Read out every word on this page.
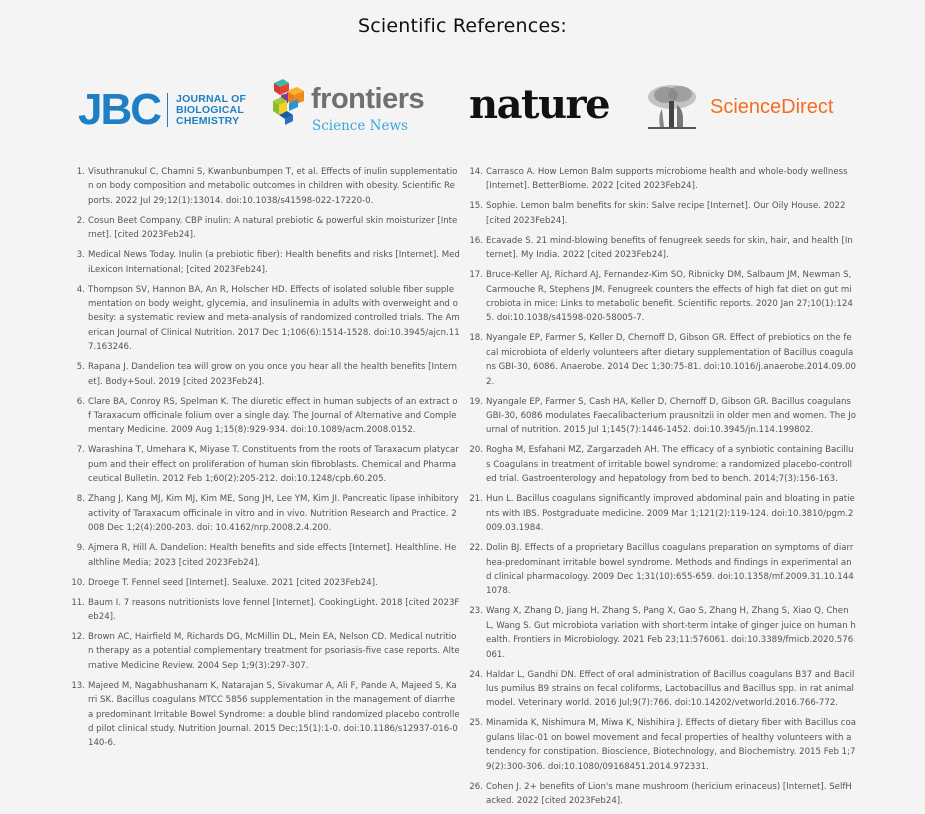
Scientific References:
JBC JOURNAL OF
BIOLOGICAL
CHEMISTRY
frontiers
Science News nature	ScienceDirect
1. Visuthranukul C, Chamni S, Kwanbunbumpen T, et al. Effects of inulin supplementation on body composition and metabolic outcomes in children with obesity. Scientific Reports. 2022 Jul 29;12(1):13014. doi:10.1038/s41598-022-17220-0.
2. Cosun Beet Company. CBP inulin: A natural prebiotic & powerful skin moisturizer [Internet]. [cited 2023Feb24].
3. Medical News Today. Inulin (a prebiotic fiber): Health benefits and risks [Internet]. MediLexicon International; [cited 2023Feb24].
4. Thompson SV, Hannon BA, An R, Holscher HD. Effects of isolated soluble fiber supplementation on body weight, glycemia, and insulinemia in adults with overweight and obesity: a systematic review and meta-analysis of randomized controlled trials. The American Journal of Clinical Nutrition. 2017 Dec 1;106(6):1514-1528. doi:10.3945/ajcn.117.163246.
5. Rapana J. Dandelion tea will grow on you once you hear all the health benefits [Internet]. Body+Soul. 2019 [cited 2023Feb24].
6. Clare BA, Conroy RS, Spelman K. The diuretic effect in human subjects of an extract of Taraxacum officinale folium over a single day. The Journal of Alternative and Complementary Medicine. 2009 Aug 1;15(8):929-934. doi:10.1089/acm.2008.0152.
7. Warashina T, Umehara K, Miyase T. Constituents from the roots of Taraxacum platycarpum and their effect on proliferation of human skin fibroblasts. Chemical and Pharmaceutical Bulletin. 2012 Feb 1;60(2):205-212. doi:10.1248/cpb.60.205.
8. Zhang J, Kang MJ, Kim MJ, Kim ME, Song JH, Lee YM, Kim JI. Pancreatic lipase inhibitory activity of Taraxacum officinale in vitro and in vivo. Nutrition Research and Practice. 2008 Dec 1;2(4):200-203. doi: 10.4162/nrp.2008.2.4.200.
9. Ajmera R, Hill A. Dandelion: Health benefits and side effects [Internet]. Healthline. Healthline Media; 2023 [cited 2023Feb24].
10. Droege T. Fennel seed [Internet]. Sealuxe. 2021 [cited 2023Feb24].
11. Baum I. 7 reasons nutritionists love fennel [Internet]. CookingLight. 2018 [cited 2023Feb24].
12. Brown AC, Hairfield M, Richards DG, McMillin DL, Mein EA, Nelson CD. Medical nutrition therapy as a potential complementary treatment for psoriasis-five case reports. Alternative Medicine Review. 2004 Sep 1;9(3):297-307.
13. Majeed M, Nagabhushanam K, Natarajan S, Sivakumar A, Ali F, Pande A, Majeed S, Karri SK. Bacillus coagulans MTCC 5856 supplementation in the management of diarrhea predominant Irritable Bowel Syndrome: a double blind randomized placebo controlled pilot clinical study. Nutrition Journal. 2015 Dec;15(1):1-0. doi:10.1186/s12937-016-0140-6.
14. Carrasco A. How Lemon Balm supports microbiome health and whole-body wellness [Internet]. BetterBiome. 2022 [cited 2023Feb24].
15. Sophie. Lemon balm benefits for skin: Salve recipe [Internet]. Our Oily House. 2022 [cited 2023Feb24].
16. Ecavade S. 21 mind-blowing benefits of fenugreek seeds for skin, hair, and health [Internet]. My India. 2022 [cited 2023Feb24].
17. Bruce-Keller AJ, Richard AJ, Fernandez-Kim SO, Ribnicky DM, Salbaum JM, Newman S, Carmouche R, Stephens JM. Fenugreek counters the effects of high fat diet on gut microbiota in mice: Links to metabolic benefit. Scientific reports. 2020 Jan 27;10(1):1245. doi:10.1038/s41598-020-58005-7.
18. Nyangale EP, Farmer S, Keller D, Chernoff D, Gibson GR. Effect of prebiotics on the fecal microbiota of elderly volunteers after dietary supplementation of Bacillus coagulans GBI-30, 6086. Anaerobe. 2014 Dec 1;30:75-81. doi:10.1016/j.anaerobe.2014.09.002.
19. Nyangale EP, Farmer S, Cash HA, Keller D, Chernoff D, Gibson GR. Bacillus coagulans GBI-30, 6086 modulates Faecalibacterium prausnitzii in older men and women. The Journal of nutrition. 2015 Jul 1;145(7):1446-1452. doi:10.3945/jn.114.199802.
20. Rogha M, Esfahani MZ, Zargarzadeh AH. The efficacy of a synbiotic containing Bacillus Coagulans in treatment of irritable bowel syndrome: a randomized placebo-controlled trial. Gastroenterology and hepatology from bed to bench. 2014;7(3):156-163.
21. Hun L. Bacillus coagulans significantly improved abdominal pain and bloating in patients with IBS. Postgraduate medicine. 2009 Mar 1;121(2):119-124. doi:10.3810/pgm.2009.03.1984.
22. Dolin BJ. Effects of a proprietary Bacillus coagulans preparation on symptoms of diarrhea-predominant irritable bowel syndrome. Methods and findings in experimental and clinical pharmacology. 2009 Dec 1;31(10):655-659. doi:10.1358/mf.2009.31.10.1441078.
23. Wang X, Zhang D, Jiang H, Zhang S, Pang X, Gao S, Zhang H, Zhang S, Xiao Q, Chen L, Wang S. Gut microbiota variation with short-term intake of ginger juice on human health. Frontiers in Microbiology. 2021 Feb 23;11:576061. doi:10.3389/fmicb.2020.576061.
24. Haldar L, Gandhi DN. Effect of oral administration of Bacillus coagulans B37 and Bacillus pumilus B9 strains on fecal coliforms, Lactobacillus and Bacillus spp. in rat animal model. Veterinary world. 2016 Jul;9(7):766. doi:10.14202/vetworld.2016.766-772.
25. Minamida K, Nishimura M, Miwa K, Nishihira J. Effects of dietary fiber with Bacillus coagulans lilac-01 on bowel movement and fecal properties of healthy volunteers with a tendency for constipation. Bioscience, Biotechnology, and Biochemistry. 2015 Feb 1;79(2):300-306. doi:10.1080/09168451.2014.972331.
26. Cohen J. 2+ benefits of Lion's mane mushroom (hericium erinaceus) [Internet]. SelfHacked. 2022 [cited 2023Feb24].
